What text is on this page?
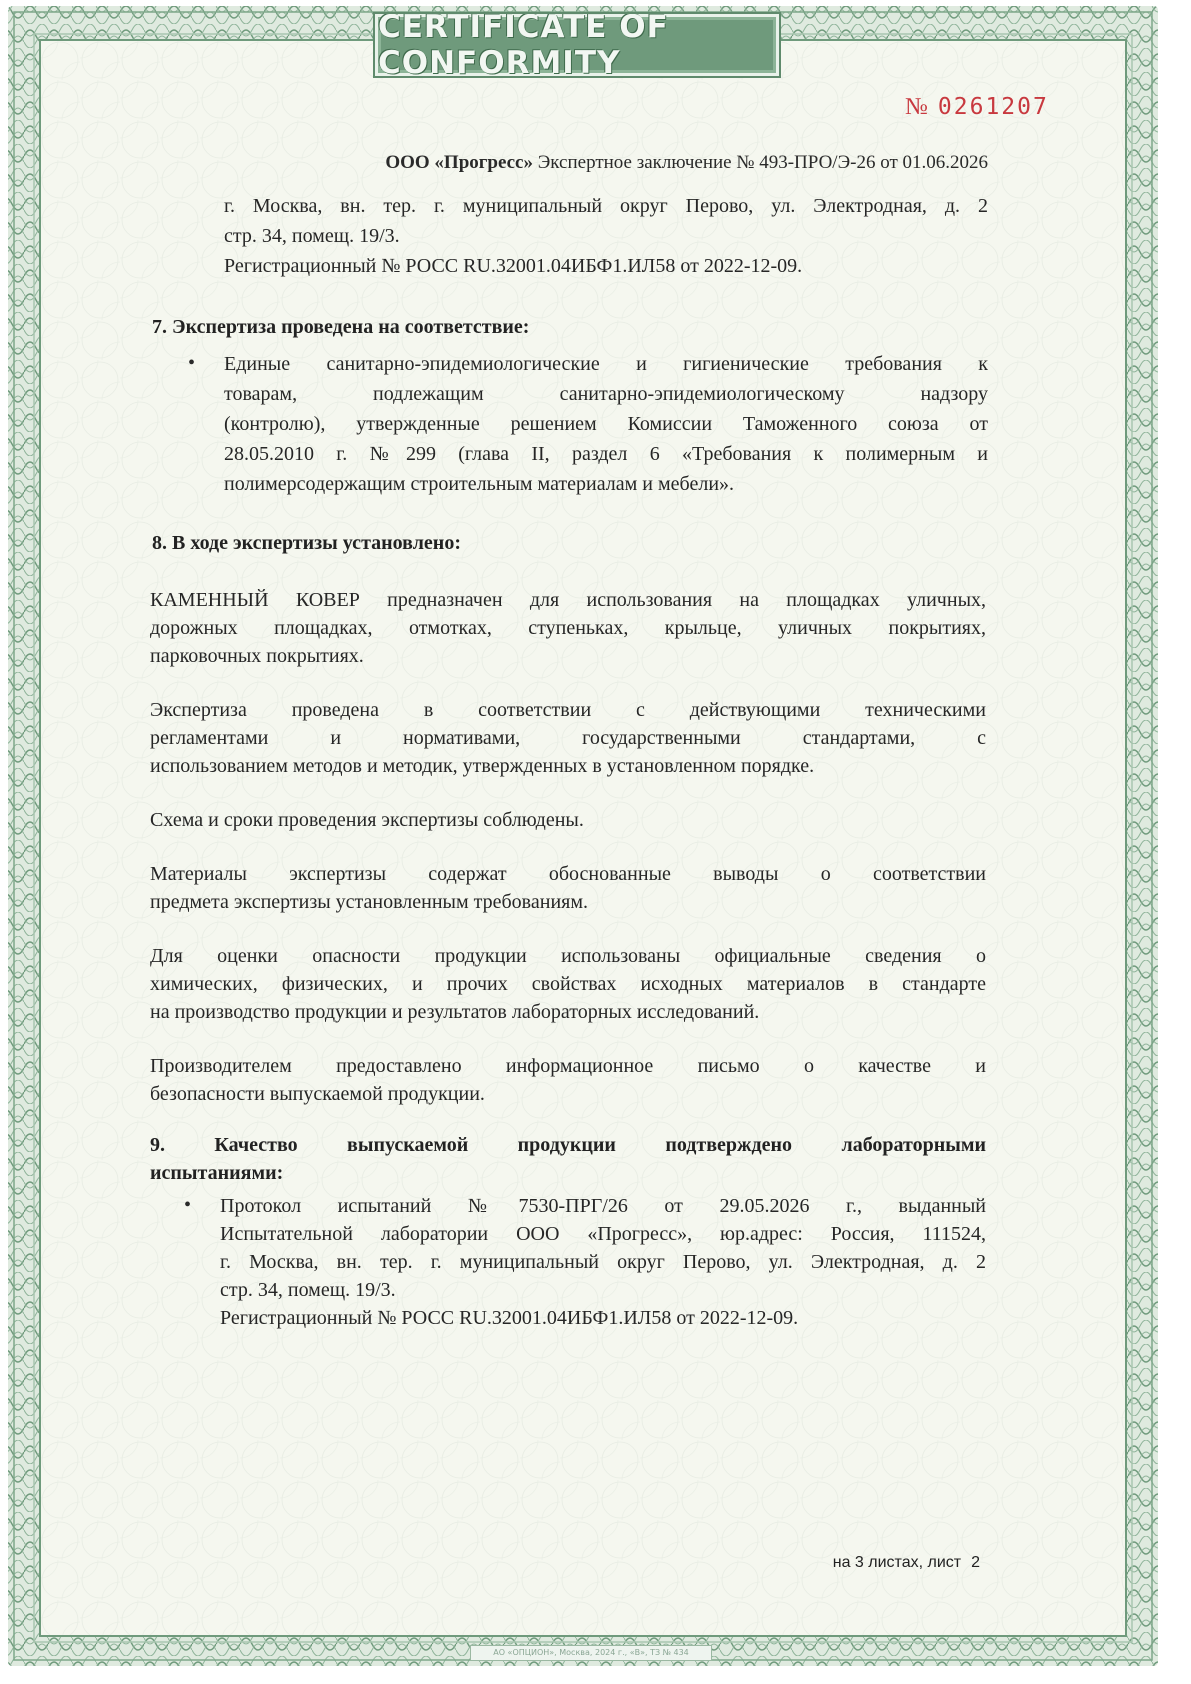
CERTIFICATE OF CONFORMITY
№ 0261207
ООО «Прогресс» Экспертное заключение № 493-ПРО/Э-26 от 01.06.2026
г. Москва, вн. тер. г. муниципальный округ Перово, ул. Электродная, д. 2
стр. 34, помещ. 19/3.
Регистрационный № РОСС RU.32001.04ИБФ1.ИЛ58 от 2022-12-09.
7. Экспертиза проведена на соответствие:
• Единые санитарно-эпидемиологические и гигиенические требования к
товарам, подлежащим санитарно-эпидемиологическому надзору
(контролю), утвержденные решением Комиссии Таможенного союза от
28.05.2010 г. №299 (глава II, раздел 6 «Требования к полимерным и
полимерсодержащим строительным материалам и мебели».
8. В ходе экспертизы установлено:
КАМЕННЫЙ КОВЕР предназначен для использования на площадках уличных,
дорожных площадках, отмотках, ступеньках, крыльце, уличных покрытиях,
парковочных покрытиях.
Экспертиза проведена в соответствии с действующими техническими
регламентами и нормативами, государственными стандартами, с
использованием методов и методик, утвержденных в установленном порядке.
Схема и сроки проведения экспертизы соблюдены.
Материалы экспертизы содержат обоснованные выводы о соответствии
предмета экспертизы установленным требованиям.
Для оценки опасности продукции использованы официальные сведения о
химических, физических, и прочих свойствах исходных материалов в стандарте
на производство продукции и результатов лабораторных исследований.
Производителем предоставлено информационное письмо о качестве и
безопасности выпускаемой продукции.
9. Качество выпускаемой продукции подтверждено лабораторными
испытаниями:
• Протокол испытаний №7530-ПРГ/26 от 29.05.2026 г., выданный
Испытательной лаборатории ООО «Прогресс», юр.адрес: Россия, 111524,
г. Москва, вн. тер. г. муниципальный округ Перово, ул. Электродная, д. 2
стр. 34, помещ. 19/3.
Регистрационный № РОСС RU.32001.04ИБФ1.ИЛ58 от 2022-12-09.
на 3 листах, лист 2
АО «ОПЦИОН», Москва, 2024 г., «В», ТЗ № 434
